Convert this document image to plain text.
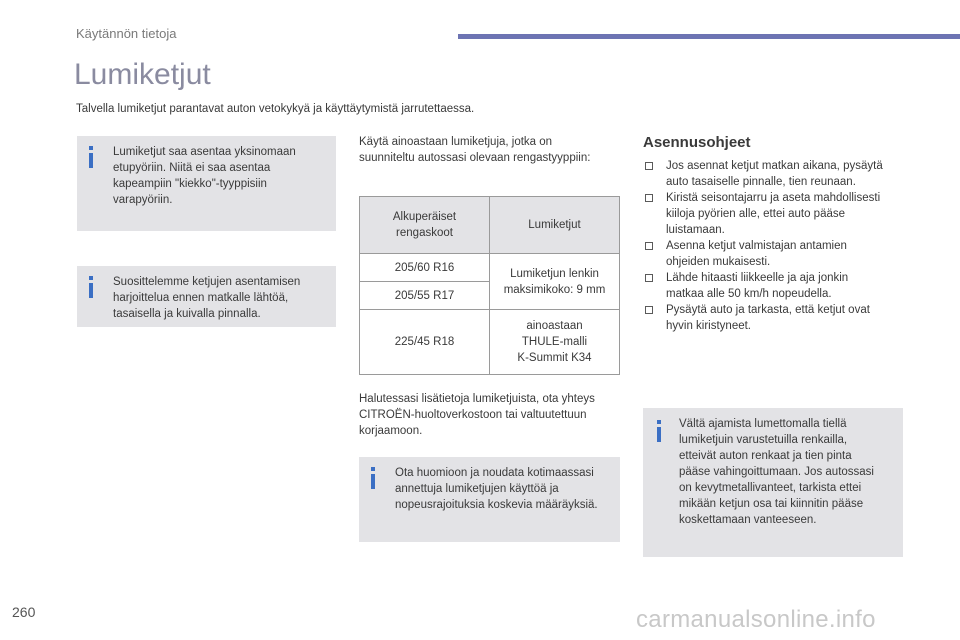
Käytännön tietoja
Lumiketjut
Talvella lumiketjut parantavat auton vetokykyä ja käyttäytymistä jarrutettaessa.
Lumiketjut saa asentaa yksinomaan
etupyöriin. Niitä ei saa asentaa
kapeampiin "kiekko"-tyyppisiin
varapyöriin.
Suosittelemme ketjujen asentamisen
harjoittelua ennen matkalle lähtöä,
tasaisella ja kuivalla pinnalla.
Käytä ainoastaan lumiketjuja, jotka on
suunniteltu autossasi olevaan rengastyyppiin:
Alkuperäiset
rengaskoot	Lumiketjut
205/60 R16	Lumiketjun lenkin
maksimikoko: 9 mm
205/55 R17	
225/45 R18	ainoastaan
THULE-malli
K-Summit K34
Halutessasi lisätietoja lumiketjuista, ota yhteys
CITROËN-huoltoverkostoon tai valtuutettuun
korjaamoon.
Ota huomioon ja noudata kotimaassasi
annettuja lumiketjujen käyttöä ja
nopeusrajoituksia koskevia määräyksiä.
Asennusohjeet
Jos asennat ketjut matkan aikana, pysäytä
auto tasaiselle pinnalle, tien reunaan.
Kiristä seisontajarru ja aseta mahdollisesti
kiiloja pyörien alle, ettei auto pääse
luistamaan.
Asenna ketjut valmistajan antamien
ohjeiden mukaisesti.
Lähde hitaasti liikkeelle ja aja jonkin
matkaa alle 50 km/h nopeudella.
Pysäytä auto ja tarkasta, että ketjut ovat
hyvin kiristyneet.
Vältä ajamista lumettomalla tiellä
lumiketjuin varustetuilla renkailla,
etteivät auton renkaat ja tien pinta
pääse vahingoittumaan. Jos autossasi
on kevytmetallivanteet, tarkista ettei
mikään ketjun osa tai kiinnitin pääse
koskettamaan vanteeseen.
260	carmanualsonline.info
